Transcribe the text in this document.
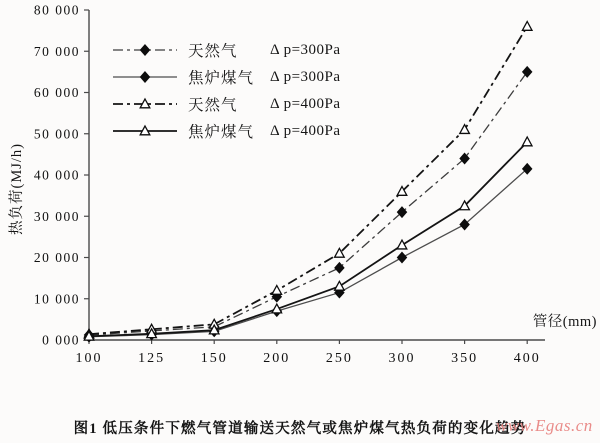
0 000
10 000
20 000
30 000
40 000
50 000
60 000
70 000
80 000
100	125	150	200	250	300	350	400
热负荷(MJ/h)
管径(mm)
天然气	Δ p=300Pa
焦炉煤气	Δ p=300Pa
天然气	Δ p=400Pa
焦炉煤气	Δ p=400Pa
图1 低压条件下燃气管道输送天然气或焦炉煤气热负荷的变化趋势
www.Egas.cn
